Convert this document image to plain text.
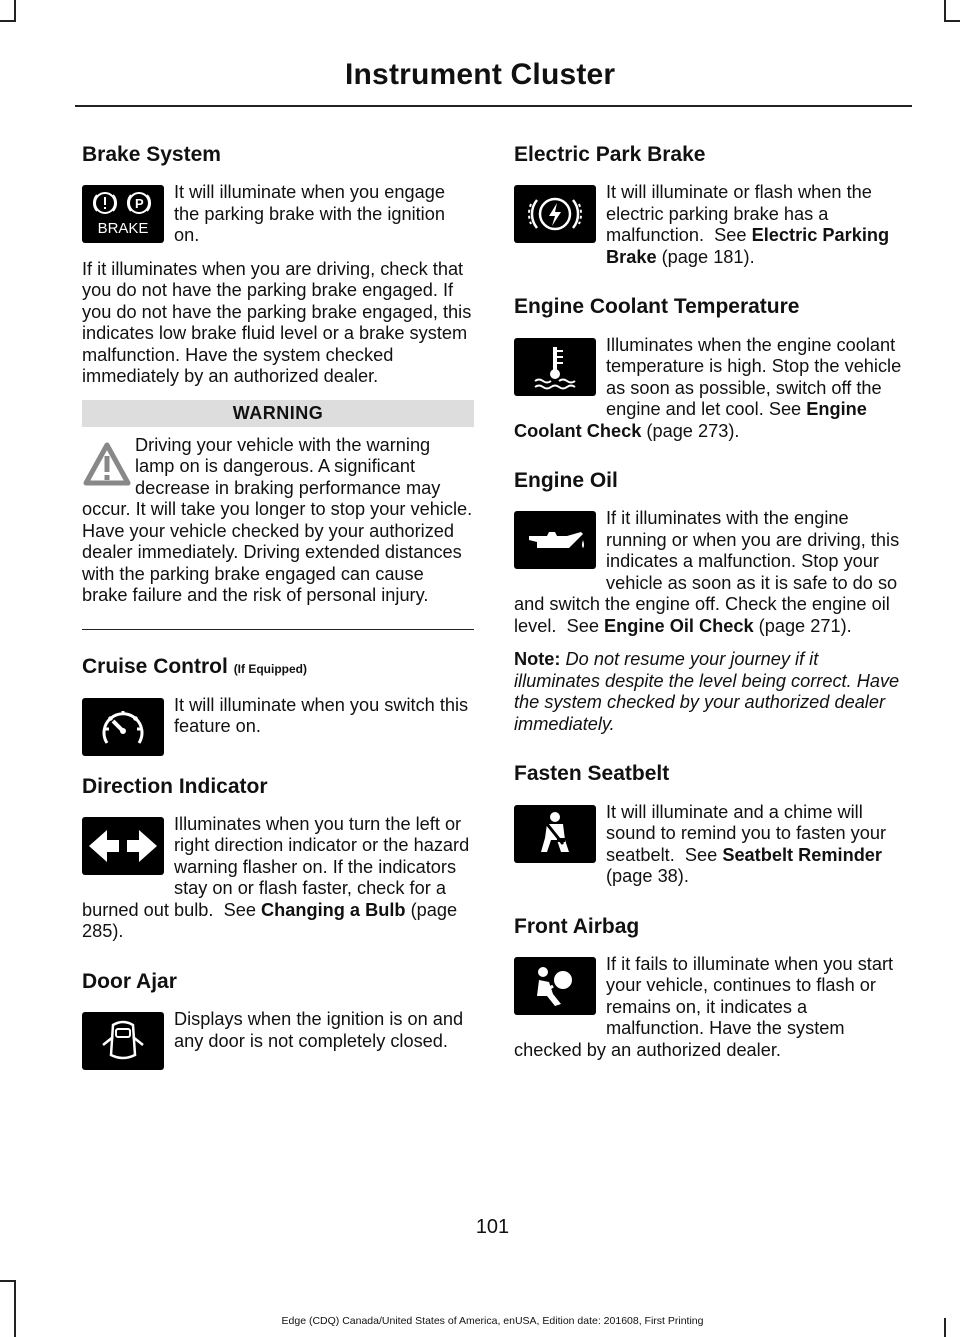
Instrument Cluster
Brake System
P
BRAKE

It will illuminate when you engage the parking brake with the ignition on.

If it illuminates when you are driving, check that you do not have the parking brake engaged. If you do not have the parking brake engaged, this indicates low brake fluid level or a brake system malfunction. Have the system checked immediately by an authorized dealer.

WARNING

Driving your vehicle with the warning lamp on is dangerous. A significant decrease in braking performance may occur. It will take you longer to stop your vehicle. Have your vehicle checked by your authorized dealer immediately. Driving extended distances with the parking brake engaged can cause brake failure and the risk of personal injury.

Cruise Control (If Equipped)

It will illuminate when you switch this feature on.

Direction Indicator

Illuminates when you turn the left or right direction indicator or the hazard warning flasher on. If the indicators stay on or flash faster, check for a burned out bulb. See Changing a Bulb (page 285).

Door Ajar

Displays when the ignition is on and any door is not completely closed.

Electric Park Brake

It will illuminate or flash when the electric parking brake has a malfunction. See Electric Parking Brake (page 181).

Engine Coolant Temperature

Illuminates when the engine coolant temperature is high. Stop the vehicle as soon as possible, switch off the engine and let cool. See Engine Coolant Check (page 273).

Engine Oil

If it illuminates with the engine running or when you are driving, this indicates a malfunction. Stop your vehicle as soon as it is safe to do so and switch the engine off. Check the engine oil level. See Engine Oil Check (page 271).

Note: Do not resume your journey if it illuminates despite the level being correct. Have the system checked by your authorized dealer immediately.

Fasten Seatbelt

It will illuminate and a chime will sound to remind you to fasten your seatbelt. See Seatbelt Reminder (page 38).

Front Airbag

If it fails to illuminate when you start your vehicle, continues to flash or remains on, it indicates a malfunction. Have the system checked by an authorized dealer.

101
Edge (CDQ) Canada/United States of America, enUSA, Edition date: 201608, First Printing
